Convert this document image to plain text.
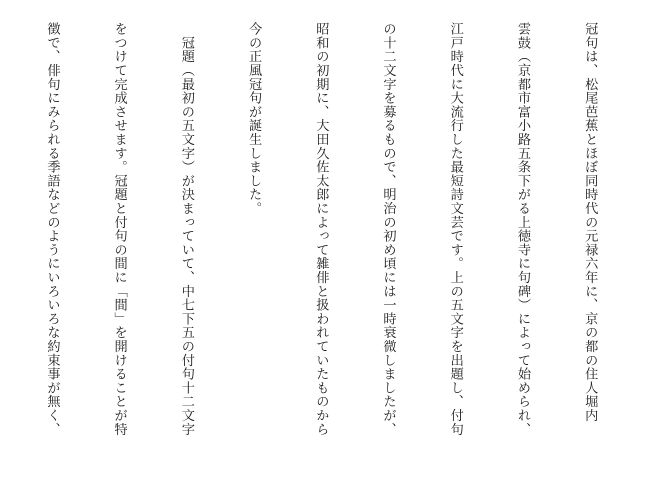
冠句は、松尾芭蕉とほぼ同時代の元禄六年に、京の都の住人堀内

雲鼓（京都市富小路五条下がる上徳寺に句碑）によって始められ、

江戸時代に大流行した最短詩文芸です。上の五文字を出題し、付句

の十二文字を募るもので、明治の初め頃には一時衰微しましたが、

昭和の初期に、大田久佐太郎によって雑俳と扱われていたものから

今の正風冠句が誕生しました。

　冠題（最初の五文字）が決まっていて、中七下五の付句十二文字

をつけて完成させます。冠題と付句の間に「間」を開けることが特

徴で、俳句にみられる季語などのようにいろいろな約束事が無く、
